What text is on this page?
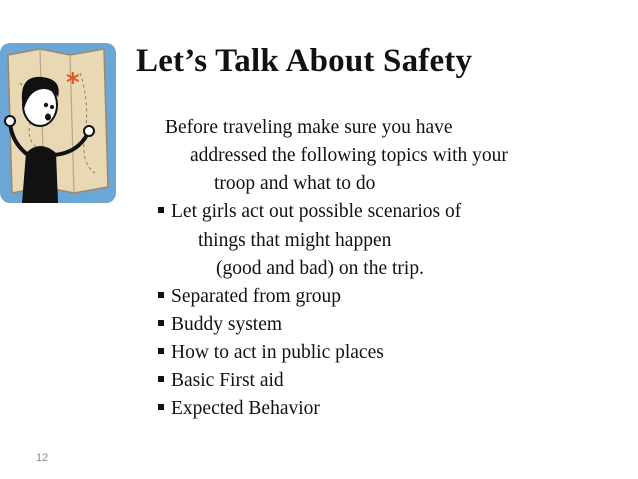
*
Let’s Talk About Safety
Before traveling make sure you have
addressed the following topics with your
troop and what to do
Let girls act out possible scenarios of
things that might happen
(good and bad) on the trip.
Separated from group
Buddy system
How to act in public places
Basic First aid
Expected Behavior
12
